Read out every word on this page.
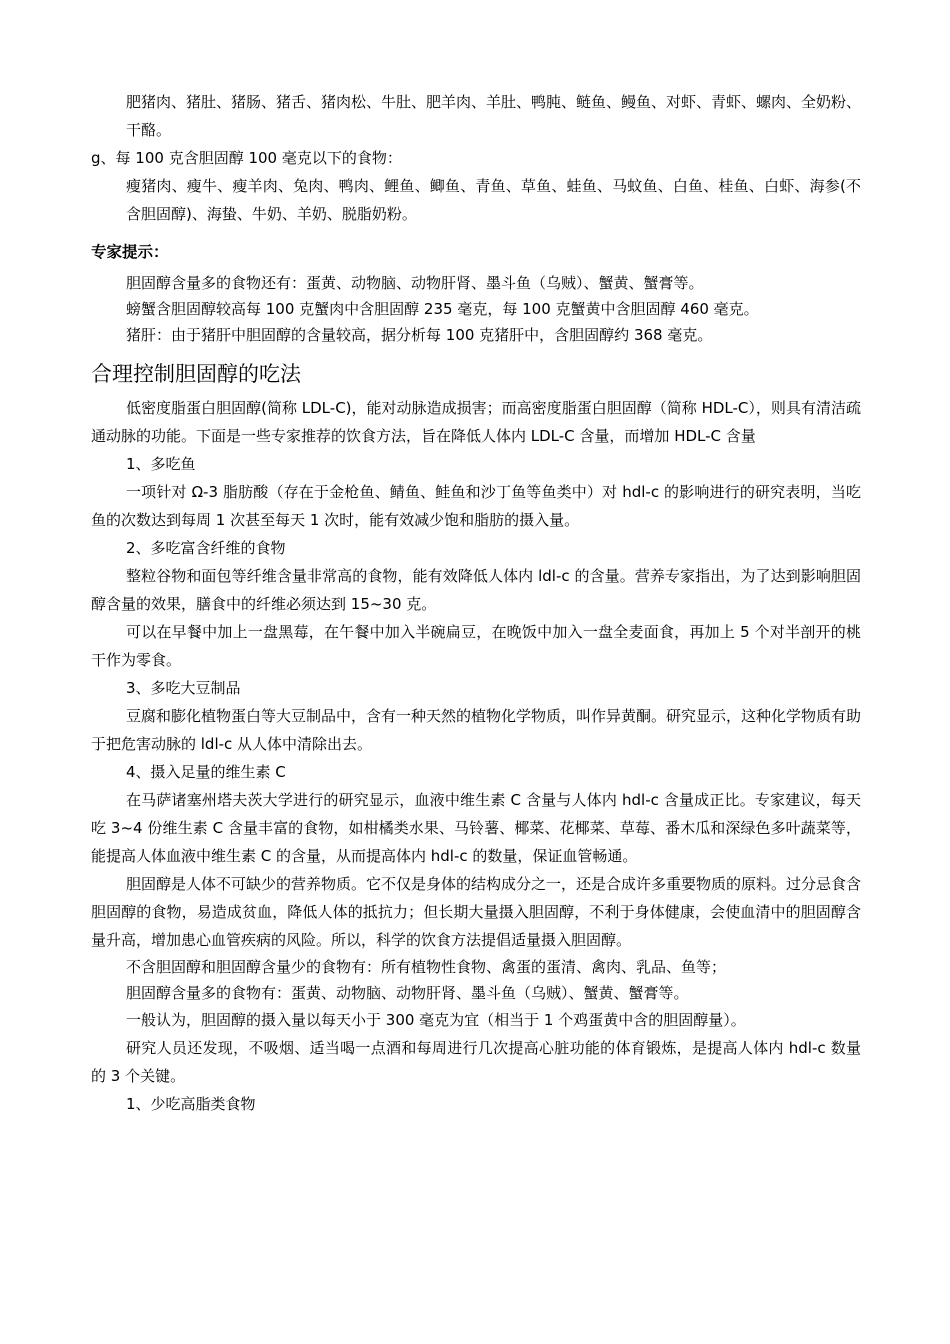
肥猪肉、猪肚、猪肠、猪舌、猪肉松、牛肚、肥羊肉、羊肚、鸭肫、鲢鱼、鳗鱼、对虾、青虾、螺肉、全奶粉、干酪。

g、每 100 克含胆固醇 100 毫克以下的食物：

瘦猪肉、瘦牛、瘦羊肉、兔肉、鸭肉、鲤鱼、鲫鱼、青鱼、草鱼、蛙鱼、马蚊鱼、白鱼、桂鱼、白虾、海参(不含胆固醇)、海蛰、牛奶、羊奶、脱脂奶粉。

专家提示：

胆固醇含量多的食物还有：蛋黄、动物脑、动物肝肾、墨斗鱼（乌贼）、蟹黄、蟹膏等。

螃蟹含胆固醇较高每 100 克蟹肉中含胆固醇 235 毫克，每 100 克蟹黄中含胆固醇 460 毫克。

猪肝：由于猪肝中胆固醇的含量较高，据分析每 100 克猪肝中，含胆固醇约 368 毫克。

合理控制胆固醇的吃法

低密度脂蛋白胆固醇(简称 LDL-C)，能对动脉造成损害；而高密度脂蛋白胆固醇（简称 HDL-C），则具有清洁疏通动脉的功能。下面是一些专家推荐的饮食方法，旨在降低人体内 LDL-C 含量，而增加 HDL-C 含量

1、多吃鱼

一项针对 Ω-3 脂肪酸（存在于金枪鱼、鲭鱼、鲑鱼和沙丁鱼等鱼类中）对 hdl-c 的影响进行的研究表明，当吃鱼的次数达到每周 1 次甚至每天 1 次时，能有效减少饱和脂肪的摄入量。

2、多吃富含纤维的食物

整粒谷物和面包等纤维含量非常高的食物，能有效降低人体内 ldl-c 的含量。营养专家指出，为了达到影响胆固醇含量的效果，膳食中的纤维必须达到 15~30 克。

可以在早餐中加上一盘黑莓，在午餐中加入半碗扁豆，在晚饭中加入一盘全麦面食，再加上 5 个对半剖开的桃干作为零食。

3、多吃大豆制品

豆腐和膨化植物蛋白等大豆制品中，含有一种天然的植物化学物质，叫作异黄酮。研究显示，这种化学物质有助于把危害动脉的 ldl-c 从人体中清除出去。

4、摄入足量的维生素 C

在马萨诸塞州塔夫茨大学进行的研究显示，血液中维生素 C 含量与人体内 hdl-c 含量成正比。专家建议，每天吃 3~4 份维生素 C 含量丰富的食物，如柑橘类水果、马铃薯、椰菜、花椰菜、草莓、番木瓜和深绿色多叶蔬菜等，能提高人体血液中维生素 C 的含量，从而提高体内 hdl-c 的数量，保证血管畅通。

胆固醇是人体不可缺少的营养物质。它不仅是身体的结构成分之一，还是合成许多重要物质的原料。过分忌食含胆固醇的食物，易造成贫血，降低人体的抵抗力；但长期大量摄入胆固醇，不利于身体健康，会使血清中的胆固醇含量升高，增加患心血管疾病的风险。所以，科学的饮食方法提倡适量摄入胆固醇。

不含胆固醇和胆固醇含量少的食物有：所有植物性食物、禽蛋的蛋清、禽肉、乳品、鱼等；

胆固醇含量多的食物有：蛋黄、动物脑、动物肝肾、墨斗鱼（乌贼）、蟹黄、蟹膏等。

一般认为，胆固醇的摄入量以每天小于 300 毫克为宜（相当于 1 个鸡蛋黄中含的胆固醇量）。

研究人员还发现，不吸烟、适当喝一点酒和每周进行几次提高心脏功能的体育锻炼，是提高人体内 hdl-c 数量的 3 个关键。

1、少吃高脂类食物
